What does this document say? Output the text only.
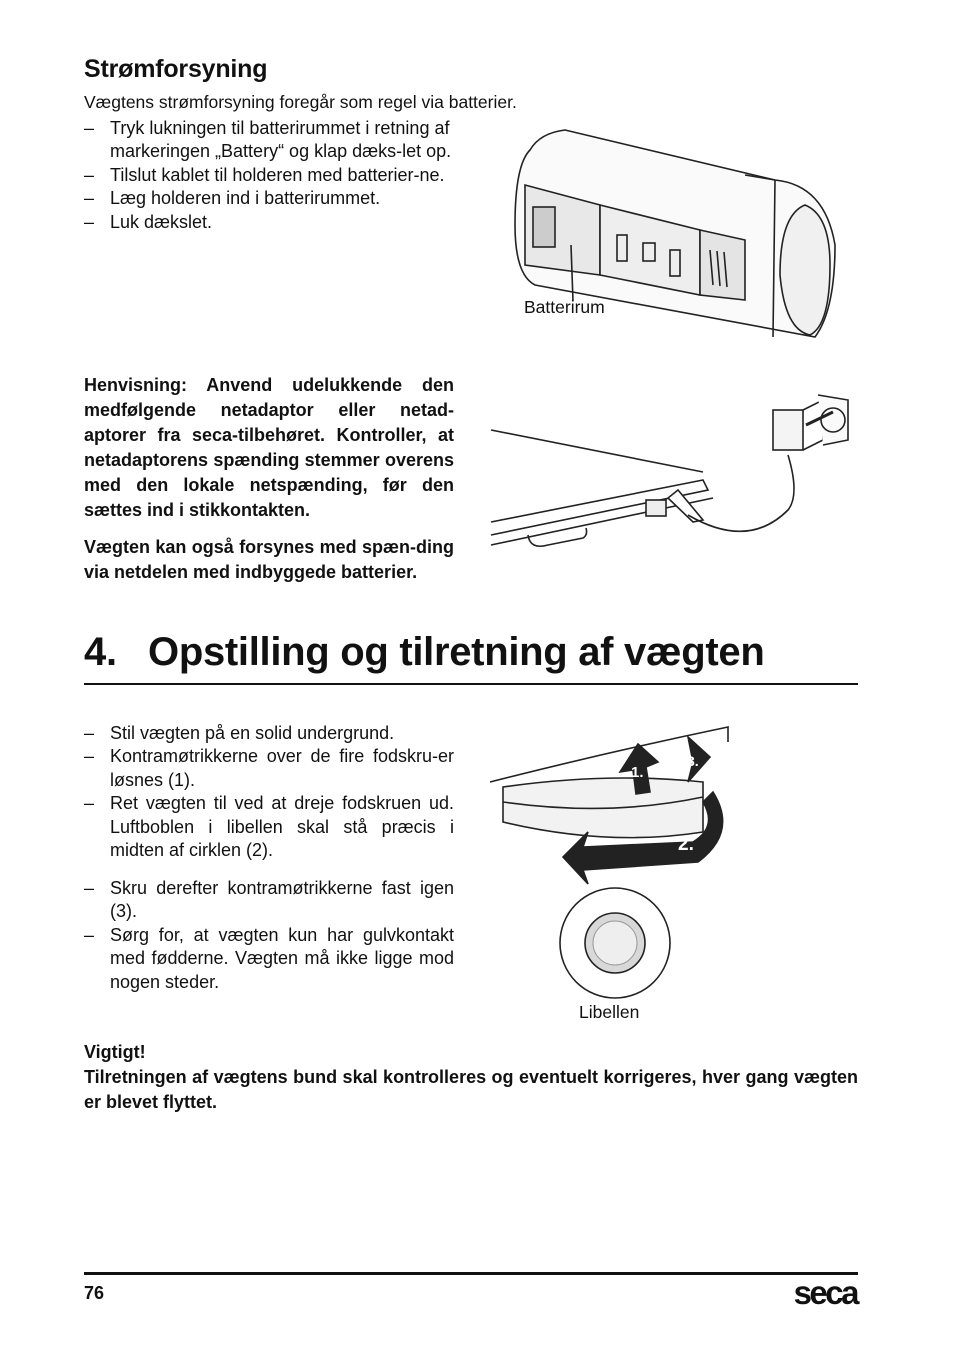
Strømforsyning
Vægtens strømforsyning foregår som regel via batterier.
– Tryk lukningen til batterirummet i retning af markeringen „Battery“ og klap dæks-let op.
– Tilslut kablet til holderen med batterier-ne.
– Læg holderen ind i batterirummet.
– Luk dækslet.
Batterirum

Henvisning: Anvend udelukkende den medfølgende netadaptor eller netad-aptorer fra seca-tilbehøret. Kontroller, at netadaptorens spænding stemmer overens med den lokale netspænding, før den sættes ind i stikkontakten.

Vægten kan også forsynes med spæn-ding via netdelen med indbyggede batterier.

4. Opstilling og tilretning af vægten
– Stil vægten på en solid undergrund.
– Kontramøtrikkerne over de fire fodskru-er løsnes (1).
– Ret vægten til ved at dreje fodskruen ud. Luftboblen i libellen skal stå præcis i midten af cirklen (2).
– Skru derefter kontramøtrikkerne fast igen (3).
– Sørg for, at vægten kun har gulvkontakt med fødderne. Vægten må ikke ligge mod nogen steder.
1.
3.
2.
Libellen

Vigtigt!

Tilretningen af vægtens bund skal kontrolleres og eventuelt korrigeres, hver gang vægten er blevet flyttet.

76	seca
